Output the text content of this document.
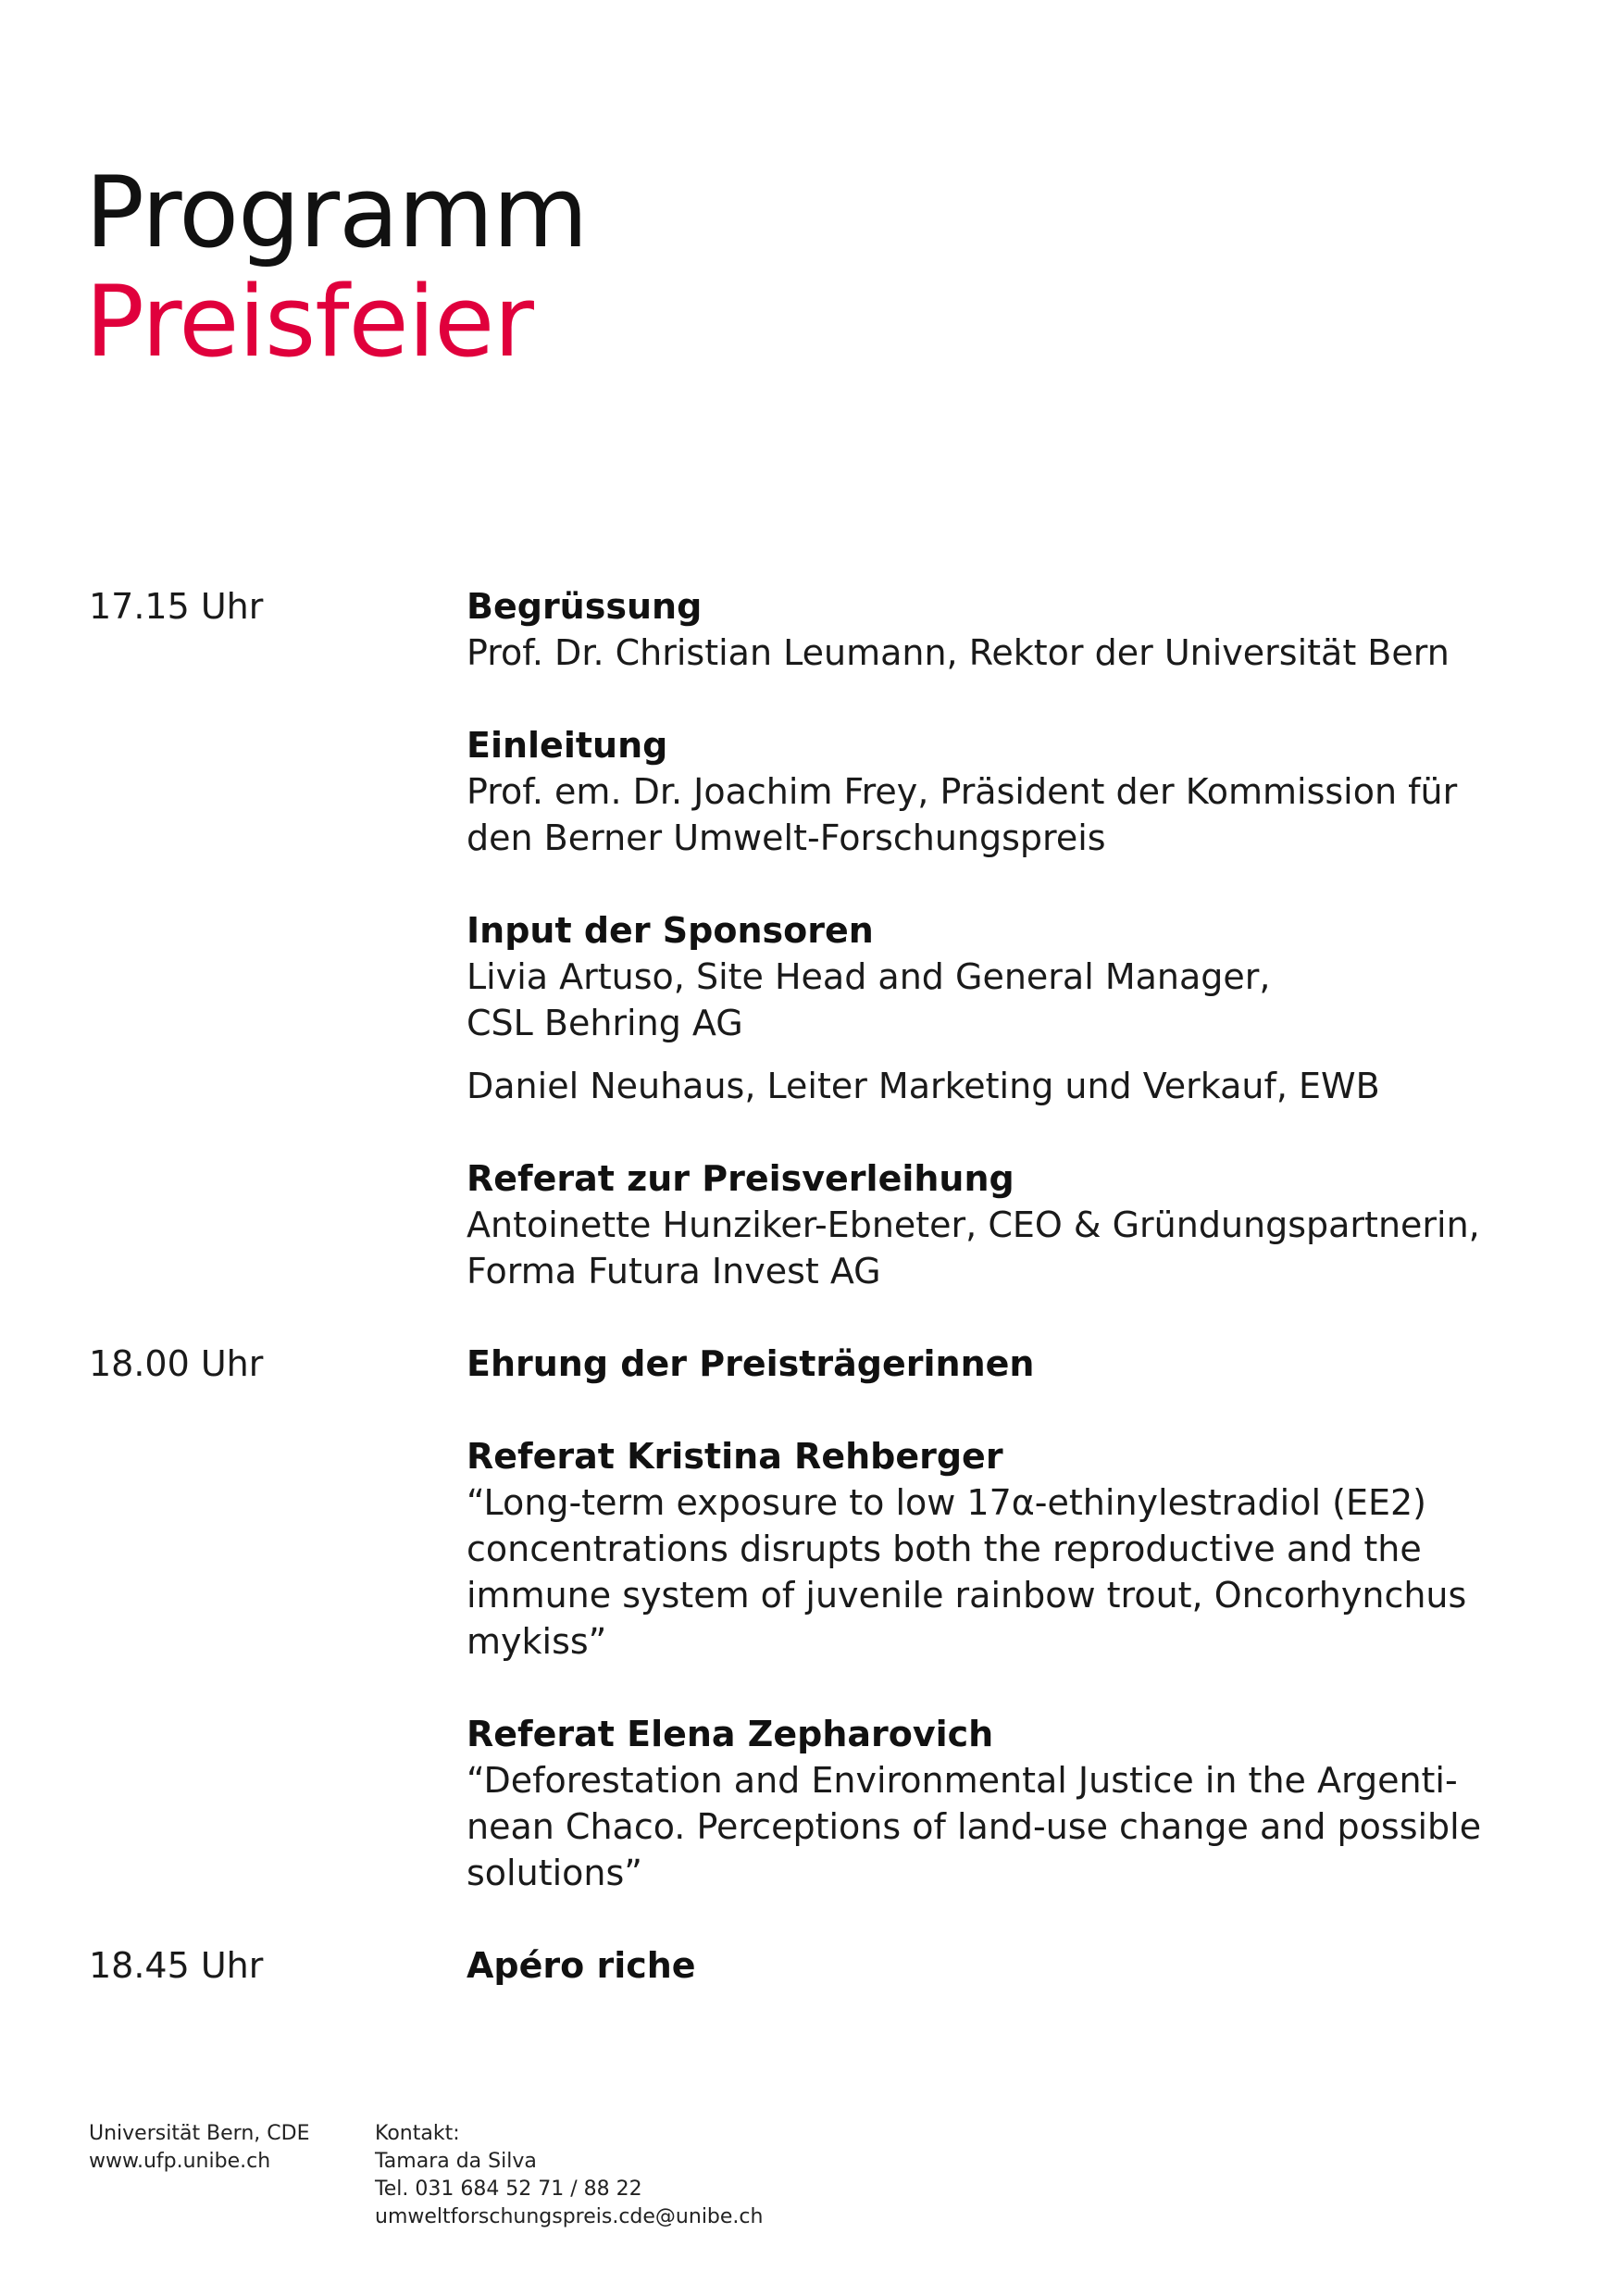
Programm
Preisfeier
17.15 Uhr	Begrüssung
Prof. Dr. Christian Leumann, Rektor der Universität Bern
Einleitung
Prof. em. Dr. Joachim Frey, Präsident der Kommission für
den Berner Umwelt-Forschungspreis
Input der Sponsoren
Livia Artuso, Site Head and General Manager,
CSL Behring AG
Daniel Neuhaus, Leiter Marketing und Verkauf, EWB
Referat zur Preisverleihung
Antoinette Hunziker-Ebneter, CEO & Gründungspartnerin,
Forma Futura Invest AG
18.00 Uhr	Ehrung der Preisträgerinnen
Referat Kristina Rehberger
“Long-term exposure to low 17α-ethinylestradiol (EE2)
concentrations disrupts both the reproductive and the
immune system of juvenile rainbow trout, Oncorhynchus
mykiss”
Referat Elena Zepharovich
“Deforestation and Environmental Justice in the Argenti-
nean Chaco. Perceptions of land-use change and possible
solutions”
18.45 Uhr	Apéro riche
Universität Bern, CDE
www.ufp.unibe.ch
Kontakt:
Tamara da Silva
Tel. 031 684 52 71 / 88 22
umweltforschungspreis.cde@unibe.ch
